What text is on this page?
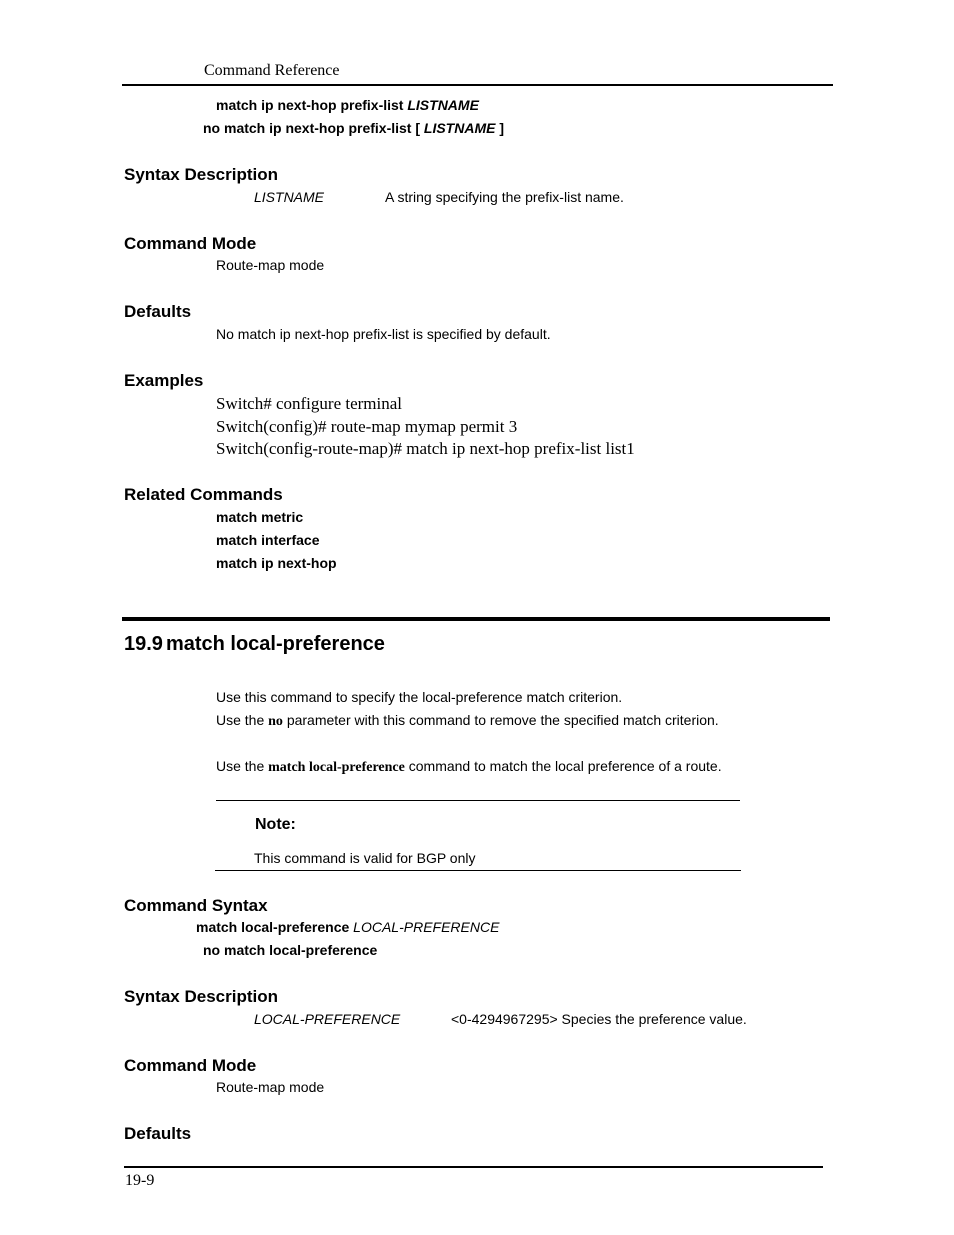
Command Reference
match ip next-hop prefix-list LISTNAME
no match ip next-hop prefix-list [ LISTNAME ]
Syntax Description
LISTNAME	A string specifying the prefix-list name.
Command Mode
Route-map mode
Defaults
No match ip next-hop prefix-list is specified by default.
Examples
Switch# configure terminal
Switch(config)# route-map mymap permit 3
Switch(config-route-map)# match ip next-hop prefix-list list1
Related Commands
match metric
match interface
match ip next-hop
19.9 match local-preference
Use this command to specify the local-preference match criterion.
Use the no parameter with this command to remove the specified match criterion.
Use the match local-preference command to match the local preference of a route.
Note:
This command is valid for BGP only
Command Syntax
match local-preference LOCAL-PREFERENCE
no match local-preference
Syntax Description
LOCAL-PREFERENCE	<0-4294967295> Species the preference value.
Command Mode
Route-map mode
Defaults
19-9
